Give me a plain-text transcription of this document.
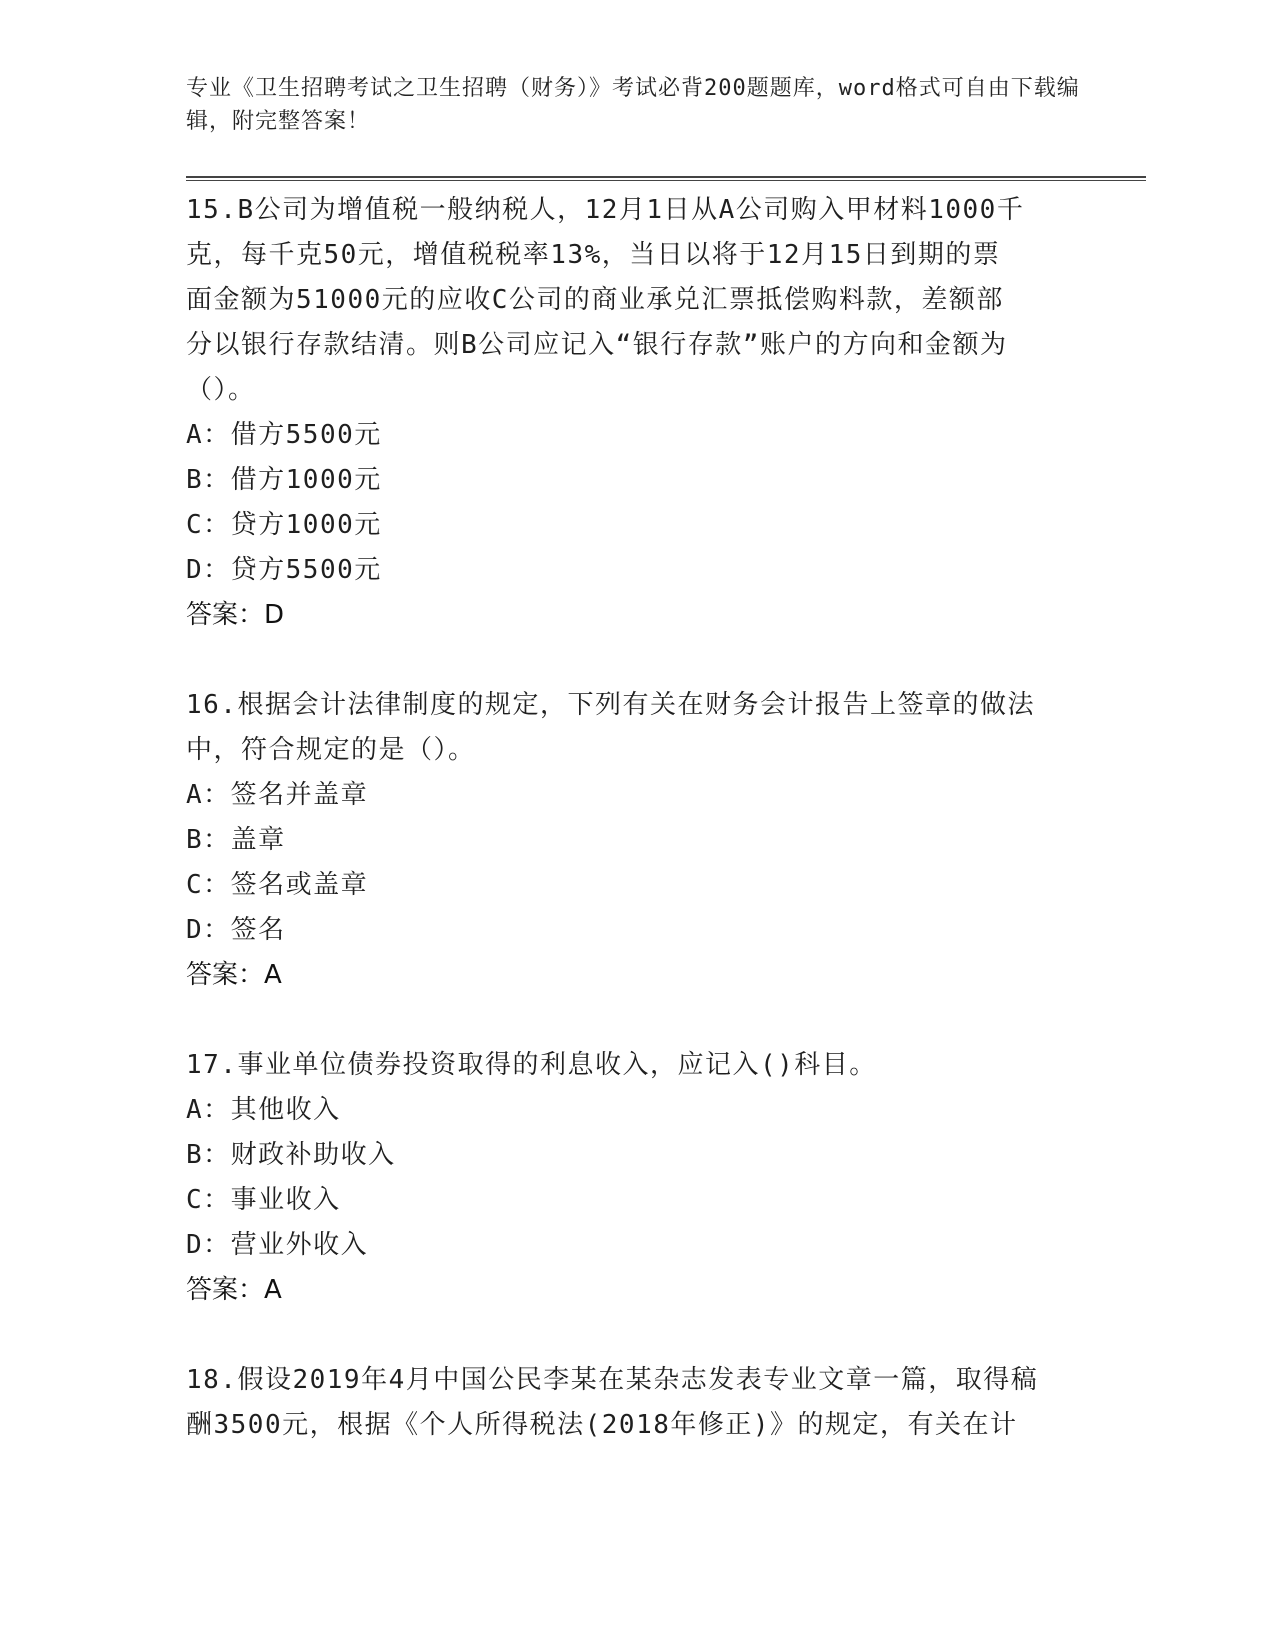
专业《卫生招聘考试之卫生招聘（财务）》考试必背200题题库，word格式可自由下载编辑，附完整答案！
15.B公司为增值税一般纳税人，12月1日从A公司购入甲材料1000千克，每千克50元，增值税税率13%，当日以将于12月15日到期的票面金额为51000元的应收C公司的商业承兑汇票抵偿购料款，差额部分以银行存款结清。则B公司应记入“银行存款”账户的方向和金额为（）。
A：借方5500元
B：借方1000元
C：贷方1000元
D：贷方5500元
答案：D
16.根据会计法律制度的规定，下列有关在财务会计报告上签章的做法中，符合规定的是（）。
A：签名并盖章
B：盖章
C：签名或盖章
D：签名
答案：A
17.事业单位债券投资取得的利息收入，应记入()科目。
A：其他收入
B：财政补助收入
C：事业收入
D：营业外收入
答案：A
18.假设2019年4月中国公民李某在某杂志发表专业文章一篇，取得稿酬3500元，根据《个人所得税法(2018年修正)》的规定，有关在计
